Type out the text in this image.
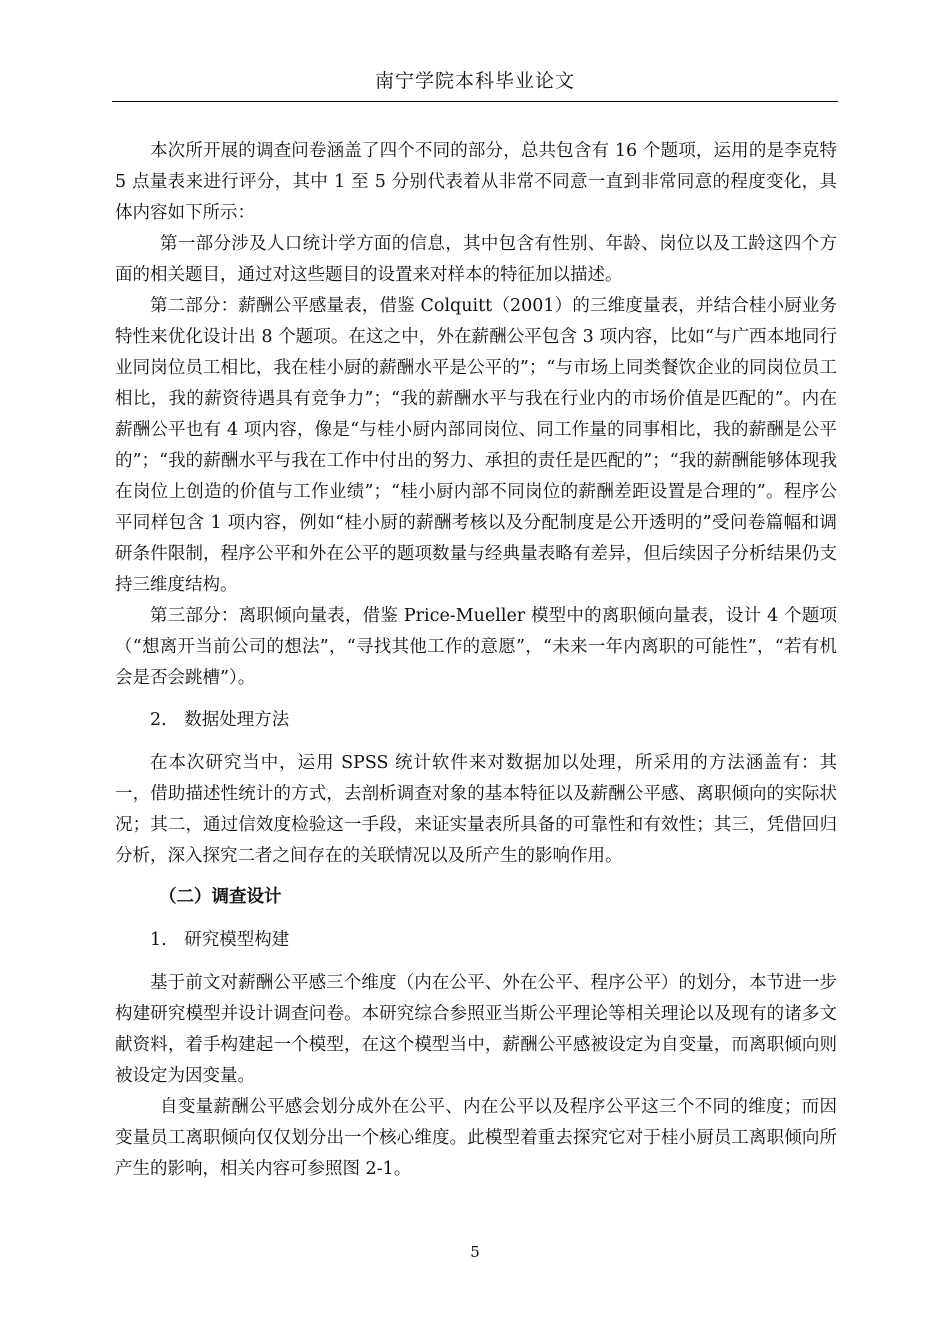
南宁学院本科毕业论文

本次所开展的调查问卷涵盖了四个不同的部分，总共包含有 16 个题项，运用的是李克特 5 点量表来进行评分，其中 1 至 5 分别代表着从非常不同意一直到非常同意的程度变化，具体内容如下所示：

第一部分涉及人口统计学方面的信息，其中包含有性别、年龄、岗位以及工龄这四个方面的相关题目，通过对这些题目的设置来对样本的特征加以描述。

第二部分：薪酬公平感量表，借鉴 Colquitt（2001）的三维度量表，并结合桂小厨业务特性来优化设计出 8 个题项。在这之中，外在薪酬公平包含 3 项内容，比如“与广西本地同行业同岗位员工相比，我在桂小厨的薪酬水平是公平的”；“与市场上同类餐饮企业的同岗位员工相比，我的薪资待遇具有竞争力”；“我的薪酬水平与我在行业内的市场价值是匹配的”。内在薪酬公平也有 4 项内容，像是“与桂小厨内部同岗位、同工作量的同事相比，我的薪酬是公平的”；“我的薪酬水平与我在工作中付出的努力、承担的责任是匹配的”；“我的薪酬能够体现我在岗位上创造的价值与工作业绩”；“桂小厨内部不同岗位的薪酬差距设置是合理的”。程序公平同样包含 1 项内容，例如“桂小厨的薪酬考核以及分配制度是公开透明的”受问卷篇幅和调研条件限制，程序公平和外在公平的题项数量与经典量表略有差异，但后续因子分析结果仍支持三维度结构。

第三部分：离职倾向量表，借鉴 Price-Mueller 模型中的离职倾向量表，设计 4 个题项（“想离开当前公司的想法”，“寻找其他工作的意愿”，“未来一年内离职的可能性”，“若有机会是否会跳槽”）。

2.　数据处理方法

在本次研究当中，运用 SPSS 统计软件来对数据加以处理，所采用的方法涵盖有：其一，借助描述性统计的方式，去剖析调查对象的基本特征以及薪酬公平感、离职倾向的实际状况；其二，通过信效度检验这一手段，来证实量表所具备的可靠性和有效性；其三，凭借回归分析，深入探究二者之间存在的关联情况以及所产生的影响作用。

（二）调查设计

1.　研究模型构建

基于前文对薪酬公平感三个维度（内在公平、外在公平、程序公平）的划分，本节进一步构建研究模型并设计调查问卷。本研究综合参照亚当斯公平理论等相关理论以及现有的诸多文献资料，着手构建起一个模型，在这个模型当中，薪酬公平感被设定为自变量，而离职倾向则被设定为因变量。

自变量薪酬公平感会划分成外在公平、内在公平以及程序公平这三个不同的维度；而因变量员工离职倾向仅仅划分出一个核心维度。此模型着重去探究它对于桂小厨员工离职倾向所产生的影响，相关内容可参照图 2-1。

5
